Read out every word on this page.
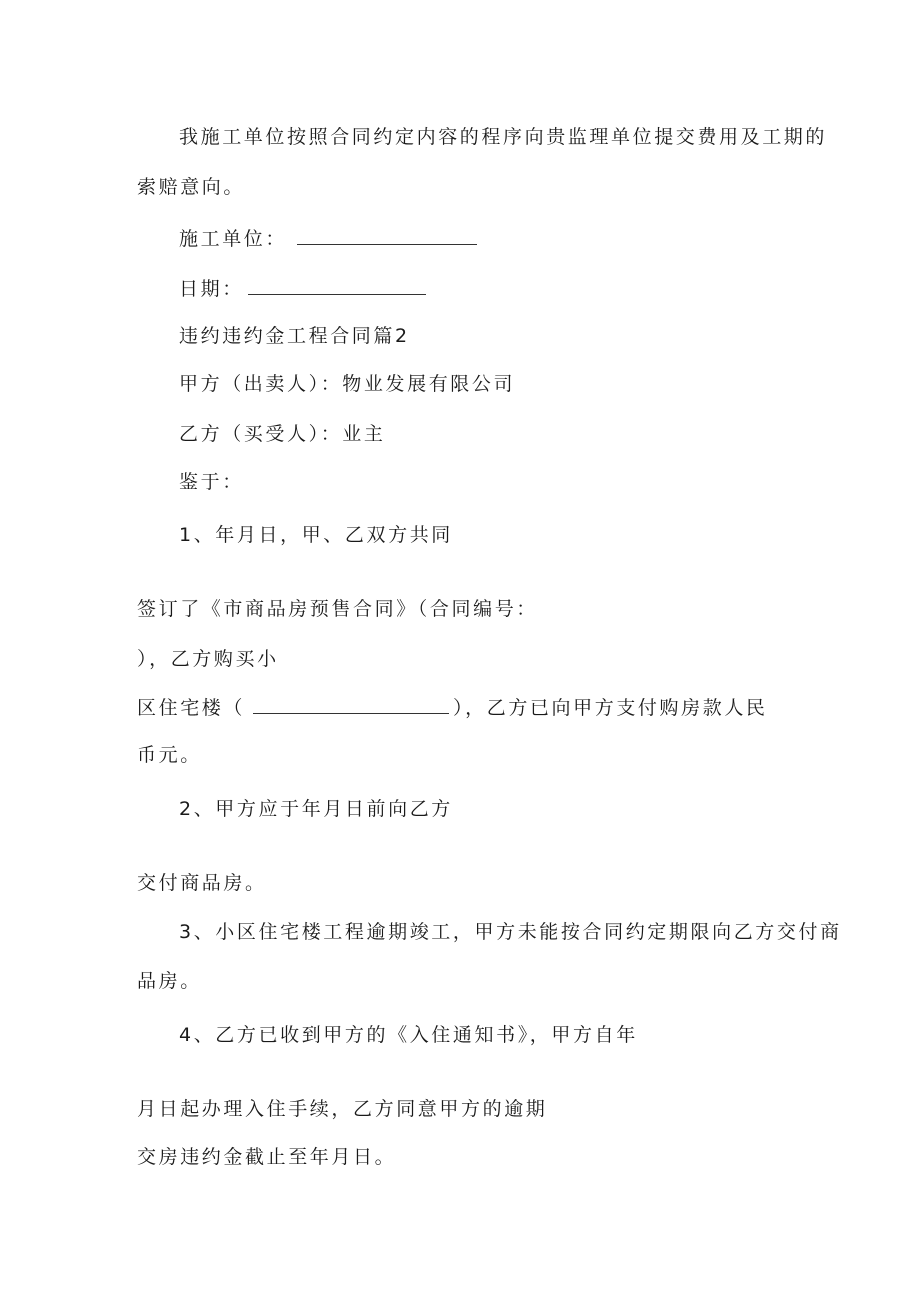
我施工单位按照合同约定内容的程序向贵监理单位提交费用及工期的

索赔意向。

施工单位：

日期：

违约违约金工程合同篇2

甲方（出卖人）：物业发展有限公司

乙方（买受人）：业主

鉴于：

1、年月日，甲、乙双方共同

签订了《市商品房预售合同》（合同编号：

），乙方购买小

区住宅楼（	），乙方已向甲方支付购房款人民

币元。

2、甲方应于年月日前向乙方

交付商品房。

3、小区住宅楼工程逾期竣工，甲方未能按合同约定期限向乙方交付商

品房。

4、乙方已收到甲方的《入住通知书》，甲方自年

月日起办理入住手续，乙方同意甲方的逾期

交房违约金截止至年月日。
